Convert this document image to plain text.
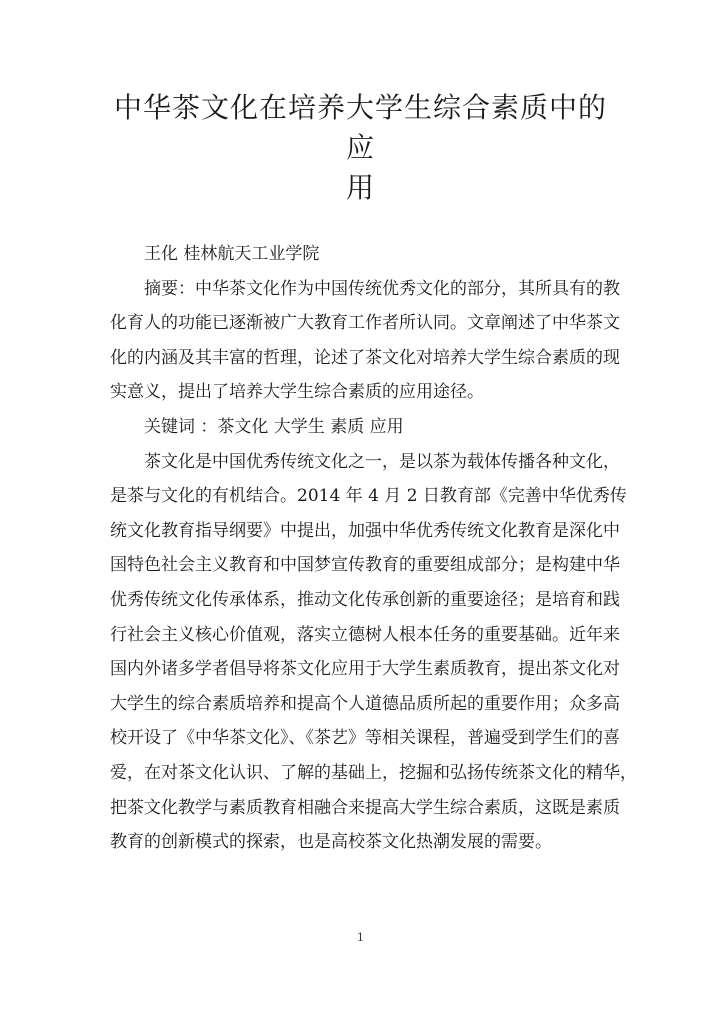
中华茶文化在培养大学生综合素质中的应
用
王化 桂林航天工业学院
摘要：中华茶文化作为中国传统优秀文化的部分，其所具有的教
化育人的功能已逐渐被广大教育工作者所认同。文章阐述了中华茶文
化的内涵及其丰富的哲理，论述了茶文化对培养大学生综合素质的现
实意义，提出了培养大学生综合素质的应用途径。
关键词 ：茶文化 大学生 素质 应用
茶文化是中国优秀传统文化之一，是以茶为载体传播各种文化，
是茶与文化的有机结合。2014 年 4 月 2 日教育部《完善中华优秀传
统文化教育指导纲要》中提出，加强中华优秀传统文化教育是深化中
国特色社会主义教育和中国梦宣传教育的重要组成部分；是构建中华
优秀传统文化传承体系，推动文化传承创新的重要途径；是培育和践
行社会主义核心价值观，落实立德树人根本任务的重要基础。近年来
国内外诸多学者倡导将茶文化应用于大学生素质教育，提出茶文化对
大学生的综合素质培养和提高个人道德品质所起的重要作用；众多高
校开设了《中华茶文化》、《茶艺》等相关课程，普遍受到学生们的喜
爱，在对茶文化认识、了解的基础上，挖掘和弘扬传统茶文化的精华，
把茶文化教学与素质教育相融合来提高大学生综合素质，这既是素质
教育的创新模式的探索，也是高校茶文化热潮发展的需要。
1
